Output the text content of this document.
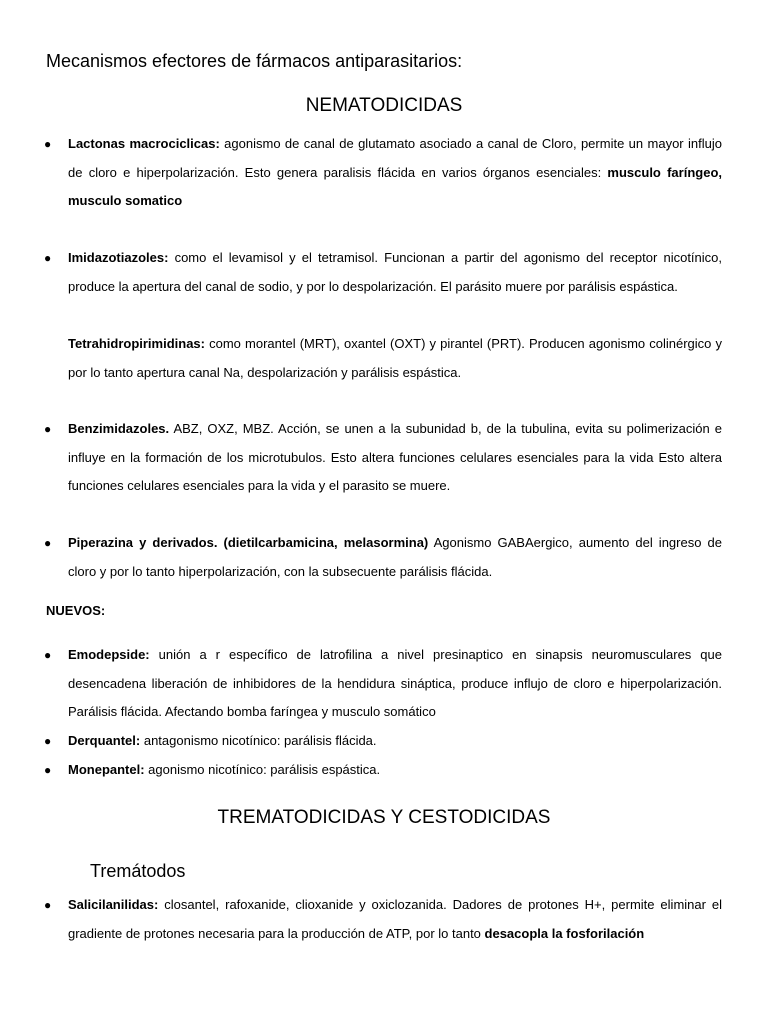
Mecanismos efectores de fármacos antiparasitarios:
NEMATODICIDAS
● Lactonas macrociclicas: agonismo de canal de glutamato asociado a canal de Cloro, permite un mayor influjo de cloro e hiperpolarización. Esto genera paralisis flácida en varios órganos esenciales: musculo faríngeo, musculo somatico
● Imidazotiazoles: como el levamisol y el tetramisol. Funcionan a partir del agonismo del receptor nicotínico, produce la apertura del canal de sodio, y por lo despolarización. El parásito muere por parálisis espástica.
Tetrahidropirimidinas: como morantel (MRT), oxantel (OXT) y pirantel (PRT). Producen agonismo colinérgico y por lo tanto apertura canal Na, despolarización y parálisis espástica.
● Benzimidazoles. ABZ, OXZ, MBZ. Acción, se unen a la subunidad b, de la tubulina, evita su polimerización e influye en la formación de los microtubulos. Esto altera funciones celulares esenciales para la vida Esto altera funciones celulares esenciales para la vida y el parasito se muere.
● Piperazina y derivados. (dietilcarbamicina, melasormina) Agonismo GABAergico, aumento del ingreso de cloro y por lo tanto hiperpolarización, con la subsecuente parálisis flácida.
NUEVOS:
● Emodepside: unión a r específico de latrofilina a nivel presinaptico en sinapsis neuromusculares que desencadena liberación de inhibidores de la hendidura sináptica, produce influjo de cloro e hiperpolarización. Parálisis flácida. Afectando bomba faríngea y musculo somático
● Derquantel: antagonismo nicotínico: parálisis flácida.
● Monepantel: agonismo nicotínico: parálisis espástica.
TREMATODICIDAS Y CESTODICIDAS
Tremátodos
● Salicilanilidas: closantel, rafoxanide, clioxanide y oxiclozanida. Dadores de protones H+, permite eliminar el gradiente de protones necesaria para la producción de ATP, por lo tanto desacopla la fosforilación
